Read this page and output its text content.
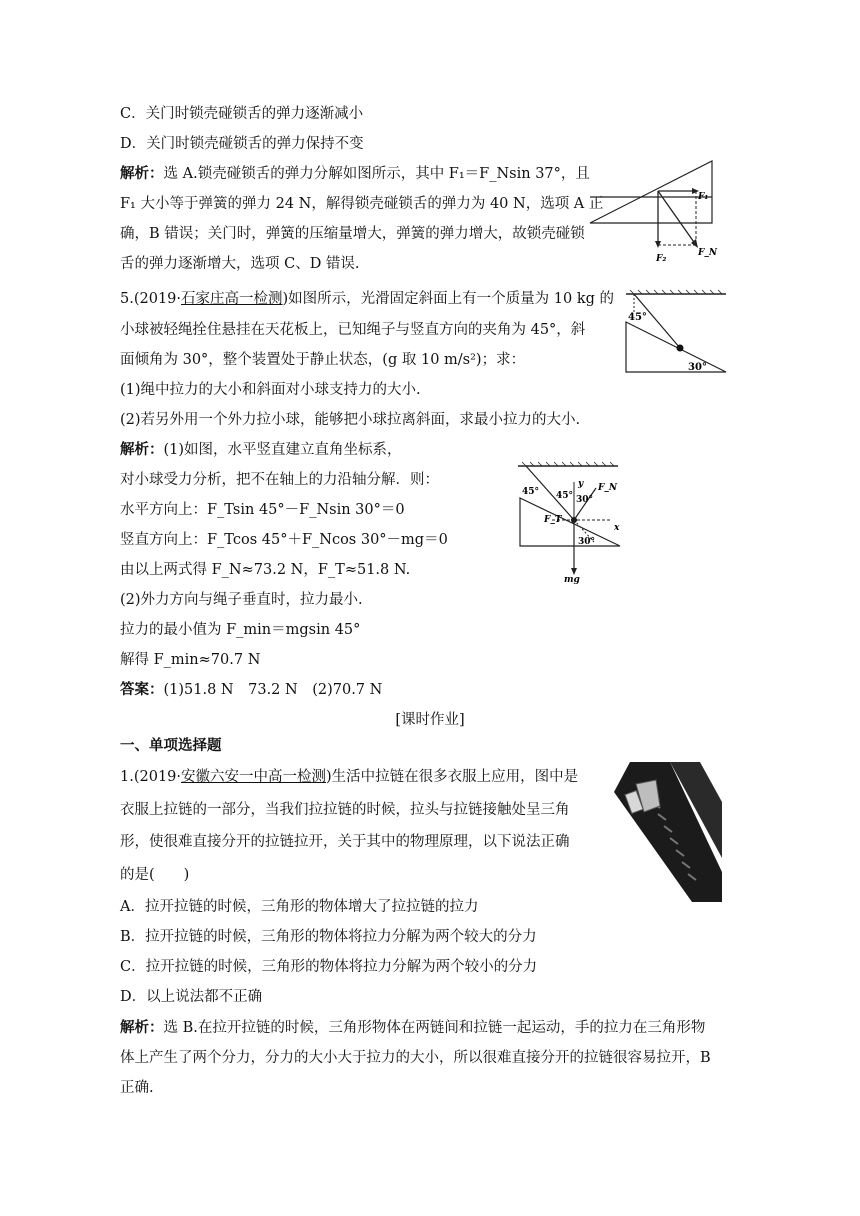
C．关门时锁壳碰锁舌的弹力逐渐减小
D．关门时锁壳碰锁舌的弹力保持不变
解析：选 A.锁壳碰锁舌的弹力分解如图所示，其中 F₁＝F_Nsin 37°，且
F₁ 大小等于弹簧的弹力 24 N，解得锁壳碰锁舌的弹力为 40 N，选项 A 正
确，B 错误；关门时，弹簧的压缩量增大，弹簧的弹力增大，故锁壳碰锁
舌的弹力逐渐增大，选项 C、D 错误.
5.(2019·石家庄高一检测)如图所示，光滑固定斜面上有一个质量为 10 kg 的
小球被轻绳拴住悬挂在天花板上，已知绳子与竖直方向的夹角为 45°，斜
面倾角为 30°，整个装置处于静止状态，(g 取 10 m/s²)；求：
(1)绳中拉力的大小和斜面对小球支持力的大小.
(2)若另外用一个外力拉小球，能够把小球拉离斜面，求最小拉力的大小.
解析：(1)如图，水平竖直建立直角坐标系，
对小球受力分析，把不在轴上的力沿轴分解．则：
水平方向上：F_Tsin 45°－F_Nsin 30°＝0
竖直方向上：F_Tcos 45°＋F_Ncos 30°－mg＝0
由以上两式得 F_N≈73.2 N，F_T≈51.8 N.
(2)外力方向与绳子垂直时，拉力最小.
拉力的最小值为 F_min＝mgsin 45°
解得 F_min≈70.7 N
答案：(1)51.8 N　73.2 N　(2)70.7 N
[课时作业]
一、单项选择题
1.(2019·安徽六安一中高一检测)生活中拉链在很多衣服上应用，图中是
衣服上拉链的一部分，当我们拉拉链的时候，拉头与拉链接触处呈三角
形，使很难直接分开的拉链拉开，关于其中的物理原理，以下说法正确
的是(　　)
A．拉开拉链的时候，三角形的物体增大了拉拉链的拉力
B．拉开拉链的时候，三角形的物体将拉力分解为两个较大的分力
C．拉开拉链的时候，三角形的物体将拉力分解为两个较小的分力
D．以上说法都不正确
解析：选 B.在拉开拉链的时候，三角形物体在两链间和拉链一起运动，手的拉力在三角形物
体上产生了两个分力，分力的大小大于拉力的大小，所以很难直接分开的拉链很容易拉开，B
正确.
F₁
F₂
F_N
45°
30°
45° 45° 30°
30°
F_N
F_T
y
x
mg
